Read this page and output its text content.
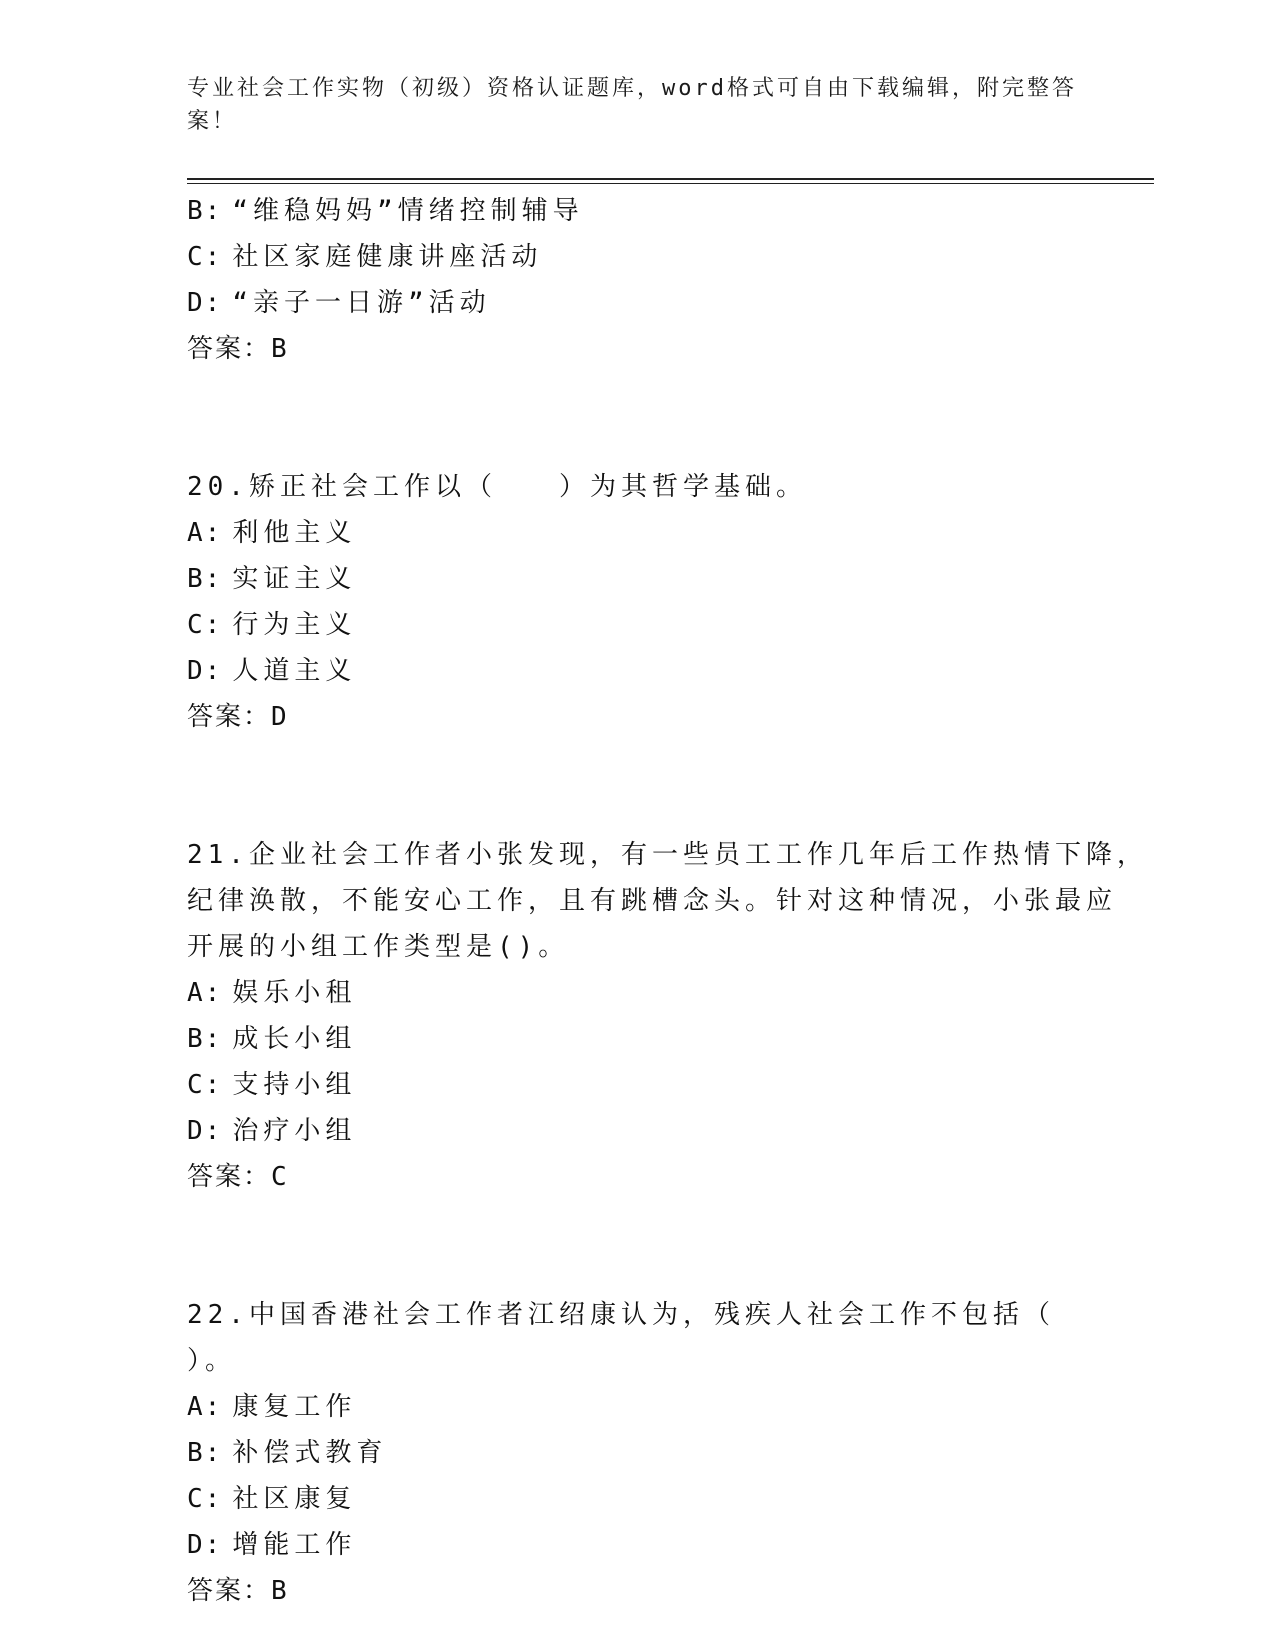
专业社会工作实物（初级）资格认证题库，word格式可自由下载编辑，附完整答案！
B: “维稳妈妈”情绪控制辅导
C: 社区家庭健康讲座活动
D: “亲子一日游”活动
答案：B
20.矫正社会工作以（　　）为其哲学基础。
A: 利他主义
B: 实证主义
C: 行为主义
D: 人道主义
答案：D
21.企业社会工作者小张发现，有一些员工工作几年后工作热情下降，
纪律涣散，不能安心工作，且有跳槽念头。针对这种情况，小张最应
开展的小组工作类型是()。
A: 娱乐小租
B: 成长小组
C: 支持小组
D: 治疗小组
答案：C
22.中国香港社会工作者江绍康认为，残疾人社会工作不包括（ ）。
A: 康复工作
B: 补偿式教育
C: 社区康复
D: 增能工作
答案：B
